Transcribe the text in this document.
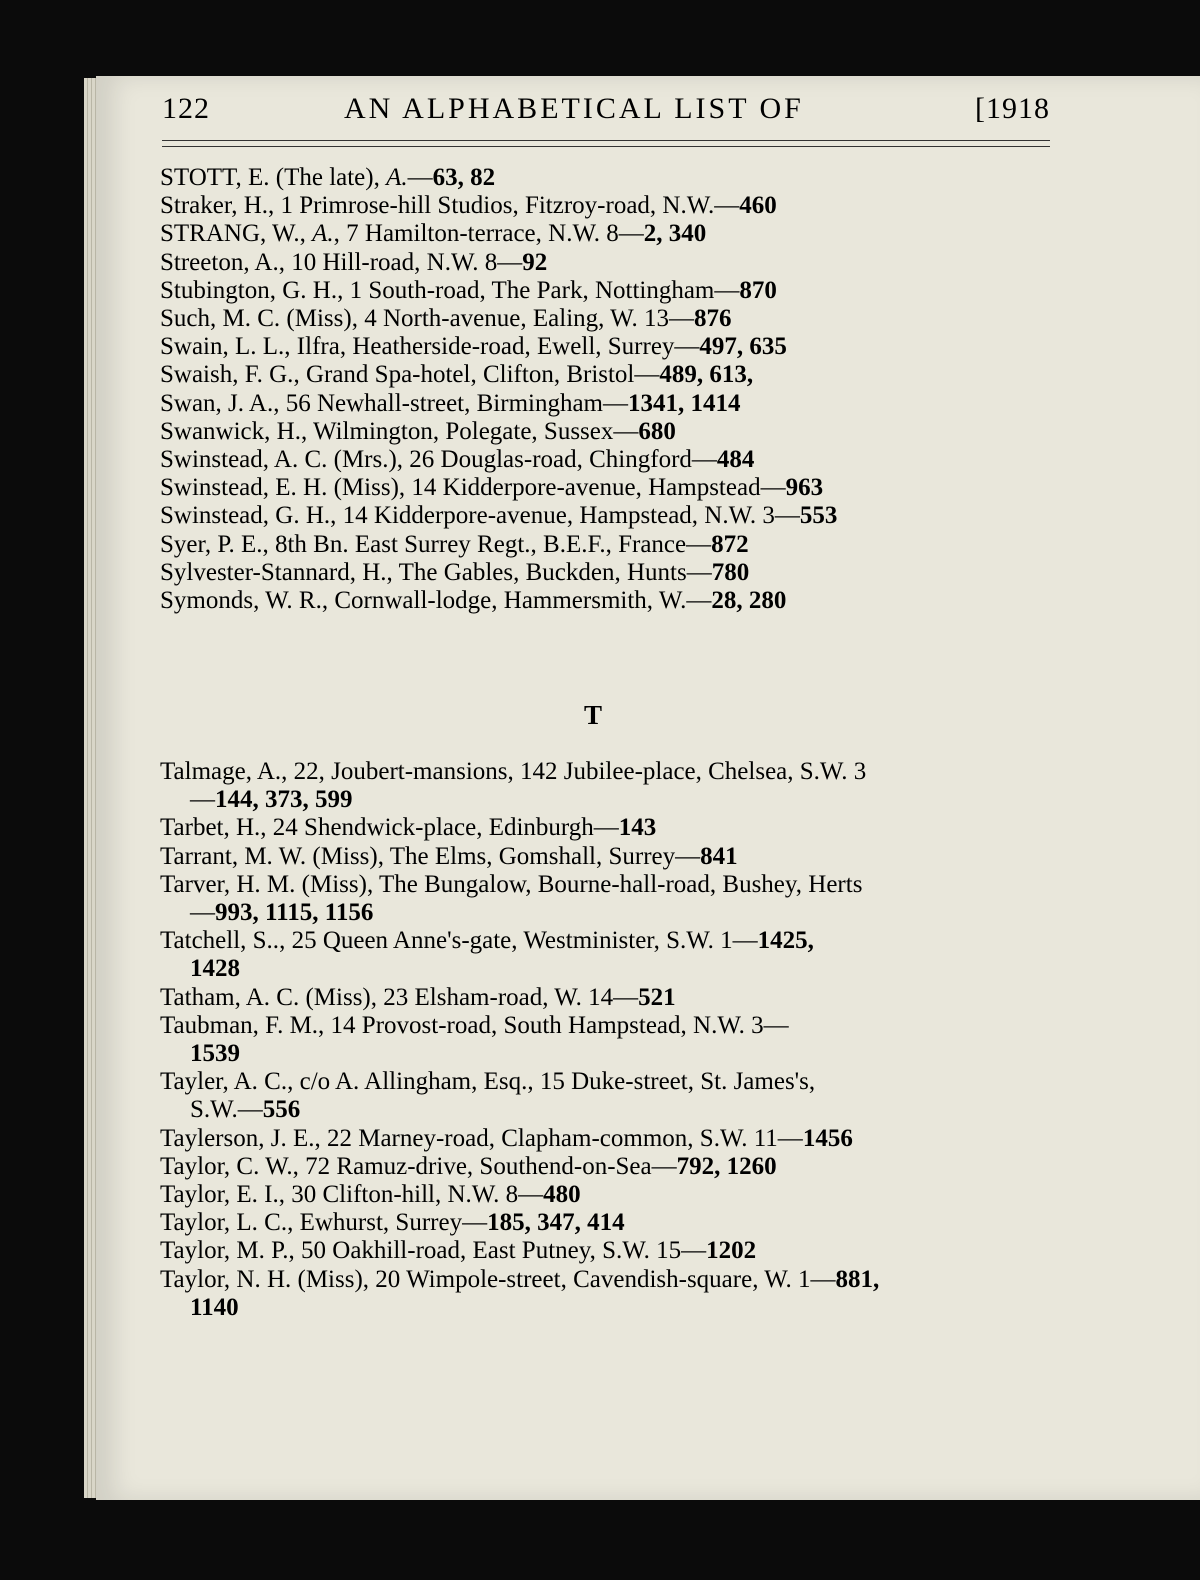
122	AN ALPHABETICAL LIST OF	[1918
STOTT, E. (The late), A.—63, 82
Straker, H., 1 Primrose-hill Studios, Fitzroy-road, N.W.—460
STRANG, W., A., 7 Hamilton-terrace, N.W. 8—2, 340
Streeton, A., 10 Hill-road, N.W. 8—92
Stubington, G. H., 1 South-road, The Park, Nottingham—870
Such, M. C. (Miss), 4 North-avenue, Ealing, W. 13—876
Swain, L. L., Ilfra, Heatherside-road, Ewell, Surrey—497, 635
Swaish, F. G., Grand Spa-hotel, Clifton, Bristol—489, 613,
Swan, J. A., 56 Newhall-street, Birmingham—1341, 1414
Swanwick, H., Wilmington, Polegate, Sussex—680
Swinstead, A. C. (Mrs.), 26 Douglas-road, Chingford—484
Swinstead, E. H. (Miss), 14 Kidderpore-avenue, Hampstead—963
Swinstead, G. H., 14 Kidderpore-avenue, Hampstead, N.W. 3—553
Syer, P. E., 8th Bn. East Surrey Regt., B.E.F., France—872
Sylvester-Stannard, H., The Gables, Buckden, Hunts—780
Symonds, W. R., Cornwall-lodge, Hammersmith, W.—28, 280
T
Talmage, A., 22, Joubert-mansions, 142 Jubilee-place, Chelsea, S.W. 3
—144, 373, 599
Tarbet, H., 24 Shendwick-place, Edinburgh—143
Tarrant, M. W. (Miss), The Elms, Gomshall, Surrey—841
Tarver, H. M. (Miss), The Bungalow, Bourne-hall-road, Bushey, Herts
—993, 1115, 1156
Tatchell, S.., 25 Queen Anne's-gate, Westminister, S.W. 1—1425,
1428
Tatham, A. C. (Miss), 23 Elsham-road, W. 14—521
Taubman, F. M., 14 Provost-road, South Hampstead, N.W. 3—
1539
Tayler, A. C., c/o A. Allingham, Esq., 15 Duke-street, St. James's,
S.W.—556
Taylerson, J. E., 22 Marney-road, Clapham-common, S.W. 11—1456
Taylor, C. W., 72 Ramuz-drive, Southend-on-Sea—792, 1260
Taylor, E. I., 30 Clifton-hill, N.W. 8—480
Taylor, L. C., Ewhurst, Surrey—185, 347, 414
Taylor, M. P., 50 Oakhill-road, East Putney, S.W. 15—1202
Taylor, N. H. (Miss), 20 Wimpole-street, Cavendish-square, W. 1—881,
1140
